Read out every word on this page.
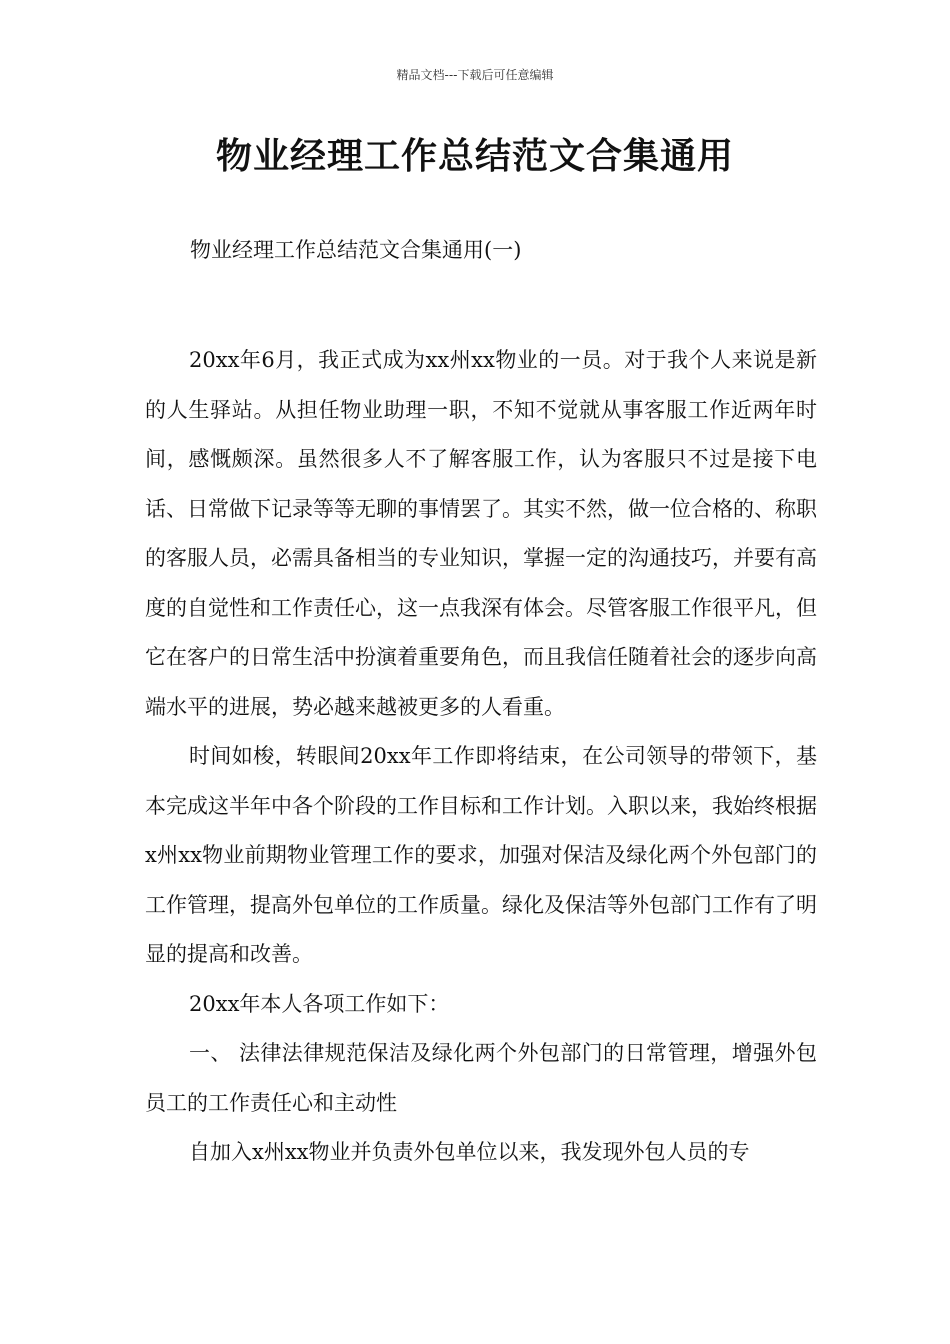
精品文档---下载后可任意编辑
物业经理工作总结范文合集通用

物业经理工作总结范文合集通用(一)

20xx年6月，我正式成为xx州xx物业的一员。对于我个人来说是新的人生驿站。从担任物业助理一职，不知不觉就从事客服工作近两年时间，感慨颇深。虽然很多人不了解客服工作，认为客服只不过是接下电话、日常做下记录等等无聊的事情罢了。其实不然，做一位合格的、称职的客服人员，必需具备相当的专业知识，掌握一定的沟通技巧，并要有高度的自觉性和工作责任心，这一点我深有体会。尽管客服工作很平凡，但它在客户的日常生活中扮演着重要角色，而且我信任随着社会的逐步向高端水平的进展，势必越来越被更多的人看重。

时间如梭，转眼间20xx年工作即将结束，在公司领导的带领下，基本完成这半年中各个阶段的工作目标和工作计划。入职以来，我始终根据x州xx物业前期物业管理工作的要求，加强对保洁及绿化两个外包部门的工作管理，提高外包单位的工作质量。绿化及保洁等外包部门工作有了明显的提高和改善。

20xx年本人各项工作如下：

一、 法律法律规范保洁及绿化两个外包部门的日常管理，增强外包员工的工作责任心和主动性

自加入x州xx物业并负责外包单位以来，我发现外包人员的专
